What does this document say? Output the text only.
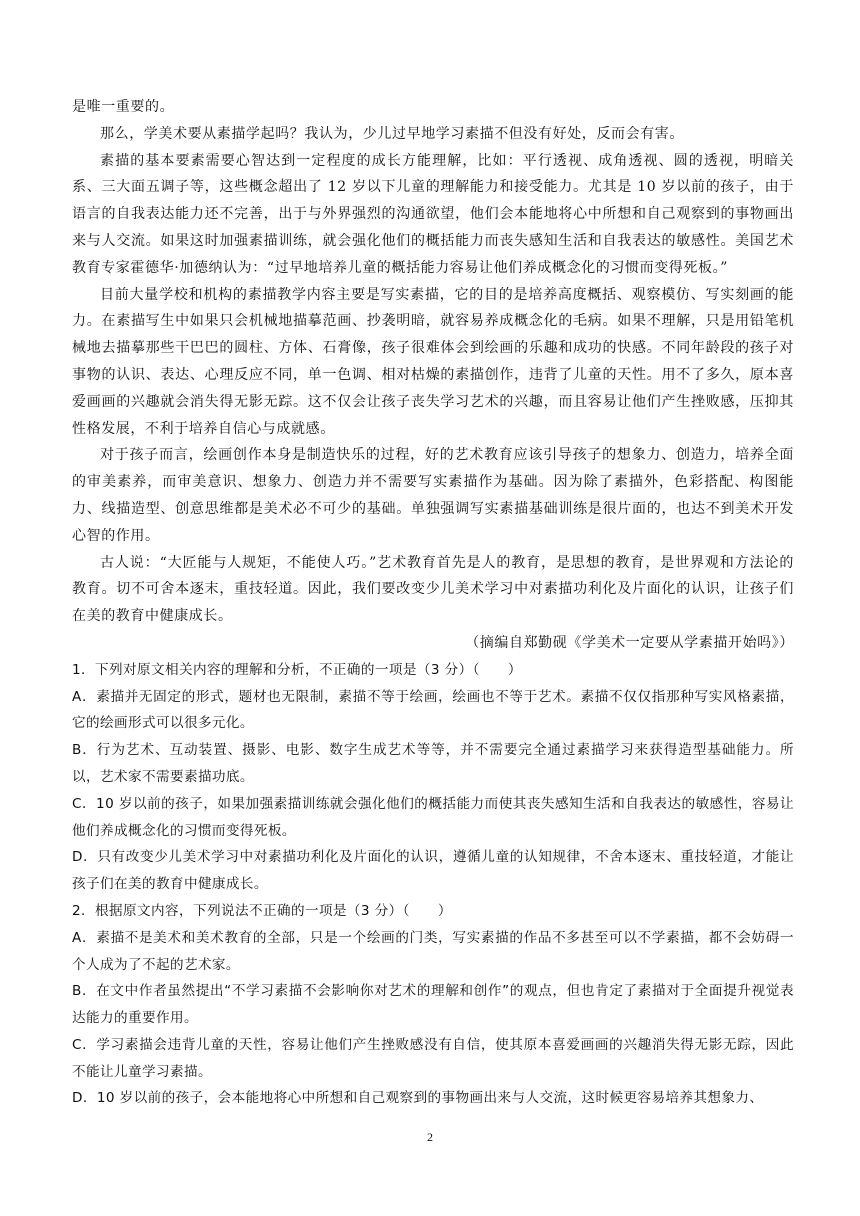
是唯一重要的。

那么，学美术要从素描学起吗？我认为，少儿过早地学习素描不但没有好处，反而会有害。

素描的基本要素需要心智达到一定程度的成长方能理解，比如：平行透视、成角透视、圆的透视，明暗关系、三大面五调子等，这些概念超出了 12 岁以下儿童的理解能力和接受能力。尤其是 10 岁以前的孩子，由于语言的自我表达能力还不完善，出于与外界强烈的沟通欲望，他们会本能地将心中所想和自己观察到的事物画出来与人交流。如果这时加强素描训练，就会强化他们的概括能力而丧失感知生活和自我表达的敏感性。美国艺术教育专家霍德华·加德纳认为：“过早地培养儿童的概括能力容易让他们养成概念化的习惯而变得死板。”

目前大量学校和机构的素描教学内容主要是写实素描，它的目的是培养高度概括、观察模仿、写实刻画的能力。在素描写生中如果只会机械地描摹范画、抄袭明暗，就容易养成概念化的毛病。如果不理解，只是用铅笔机械地去描摹那些干巴巴的圆柱、方体、石膏像，孩子很难体会到绘画的乐趣和成功的快感。不同年龄段的孩子对事物的认识、表达、心理反应不同，单一色调、相对枯燥的素描创作，违背了儿童的天性。用不了多久，原本喜爱画画的兴趣就会消失得无影无踪。这不仅会让孩子丧失学习艺术的兴趣，而且容易让他们产生挫败感，压抑其性格发展，不利于培养自信心与成就感。

对于孩子而言，绘画创作本身是制造快乐的过程，好的艺术教育应该引导孩子的想象力、创造力，培养全面的审美素养，而审美意识、想象力、创造力并不需要写实素描作为基础。因为除了素描外，色彩搭配、构图能力、线描造型、创意思维都是美术必不可少的基础。单独强调写实素描基础训练是很片面的，也达不到美术开发心智的作用。

古人说：“大匠能与人规矩，不能使人巧。”艺术教育首先是人的教育，是思想的教育，是世界观和方法论的教育。切不可舍本逐末，重技轻道。因此，我们要改变少儿美术学习中对素描功利化及片面化的认识，让孩子们在美的教育中健康成长。

（摘编自郑勤砚《学美术一定要从学素描开始吗》）

1．下列对原文相关内容的理解和分析，不正确的一项是（3 分）（　　）

A．素描并无固定的形式，题材也无限制，素描不等于绘画，绘画也不等于艺术。素描不仅仅指那种写实风格素描，它的绘画形式可以很多元化。

B．行为艺术、互动装置、摄影、电影、数字生成艺术等等，并不需要完全通过素描学习来获得造型基础能力。所以，艺术家不需要素描功底。

C．10 岁以前的孩子，如果加强素描训练就会强化他们的概括能力而使其丧失感知生活和自我表达的敏感性，容易让他们养成概念化的习惯而变得死板。

D．只有改变少儿美术学习中对素描功利化及片面化的认识，遵循儿童的认知规律，不舍本逐末、重技轻道，才能让孩子们在美的教育中健康成长。

2．根据原文内容，下列说法不正确的一项是（3 分）（　　）

A．素描不是美术和美术教育的全部，只是一个绘画的门类，写实素描的作品不多甚至可以不学素描，都不会妨碍一个人成为了不起的艺术家。

B．在文中作者虽然提出“不学习素描不会影响你对艺术的理解和创作”的观点，但也肯定了素描对于全面提升视觉表达能力的重要作用。

C．学习素描会违背儿童的天性，容易让他们产生挫败感没有自信，使其原本喜爱画画的兴趣消失得无影无踪，因此不能让儿童学习素描。

D．10 岁以前的孩子，会本能地将心中所想和自己观察到的事物画出来与人交流，这时候更容易培养其想象力、

2
